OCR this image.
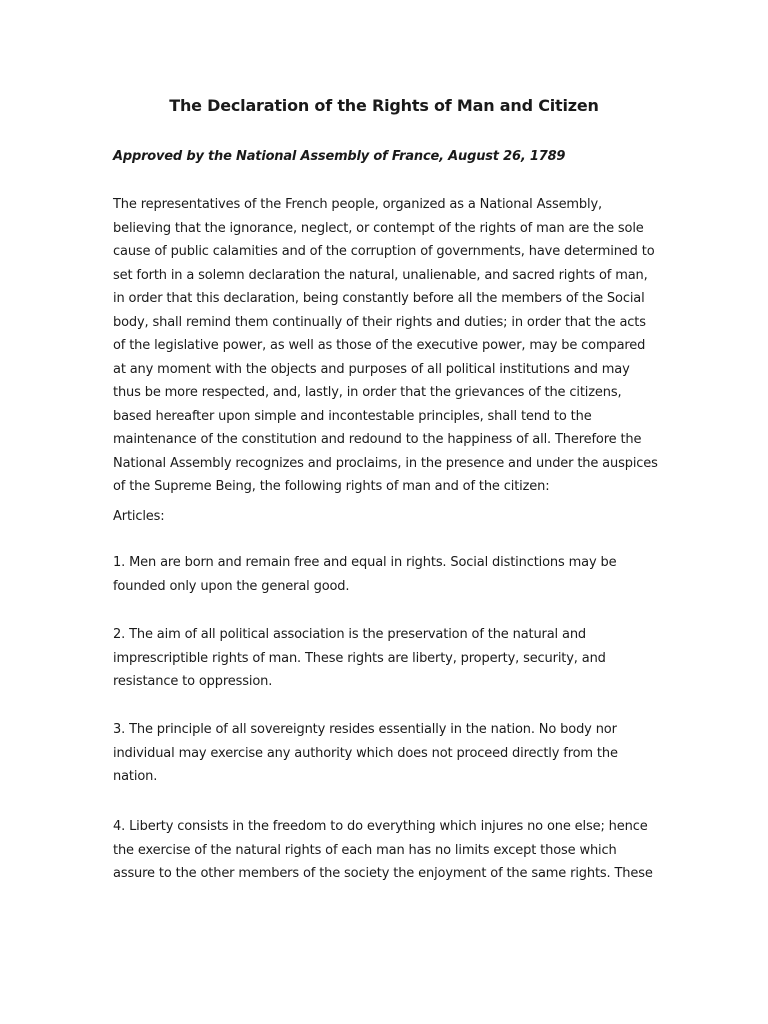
The Declaration of the Rights of Man and Citizen

Approved by the National Assembly of France, August 26, 1789

The representatives of the French people, organized as a National Assembly,
believing that the ignorance, neglect, or contempt of the rights of man are the sole
cause of public calamities and of the corruption of governments, have determined to
set forth in a solemn declaration the natural, unalienable, and sacred rights of man,
in order that this declaration, being constantly before all the members of the Social
body, shall remind them continually of their rights and duties; in order that the acts
of the legislative power, as well as those of the executive power, may be compared
at any moment with the objects and purposes of all political institutions and may
thus be more respected, and, lastly, in order that the grievances of the citizens,
based hereafter upon simple and incontestable principles, shall tend to the
maintenance of the constitution and redound to the happiness of all. Therefore the
National Assembly recognizes and proclaims, in the presence and under the auspices
of the Supreme Being, the following rights of man and of the citizen:
Articles:
1. Men are born and remain free and equal in rights. Social distinctions may be
founded only upon the general good.
2. The aim of all political association is the preservation of the natural and
imprescriptible rights of man. These rights are liberty, property, security, and
resistance to oppression.
3. The principle of all sovereignty resides essentially in the nation. No body nor
individual may exercise any authority which does not proceed directly from the
nation.
4. Liberty consists in the freedom to do everything which injures no one else; hence
the exercise of the natural rights of each man has no limits except those which
assure to the other members of the society the enjoyment of the same rights. These
